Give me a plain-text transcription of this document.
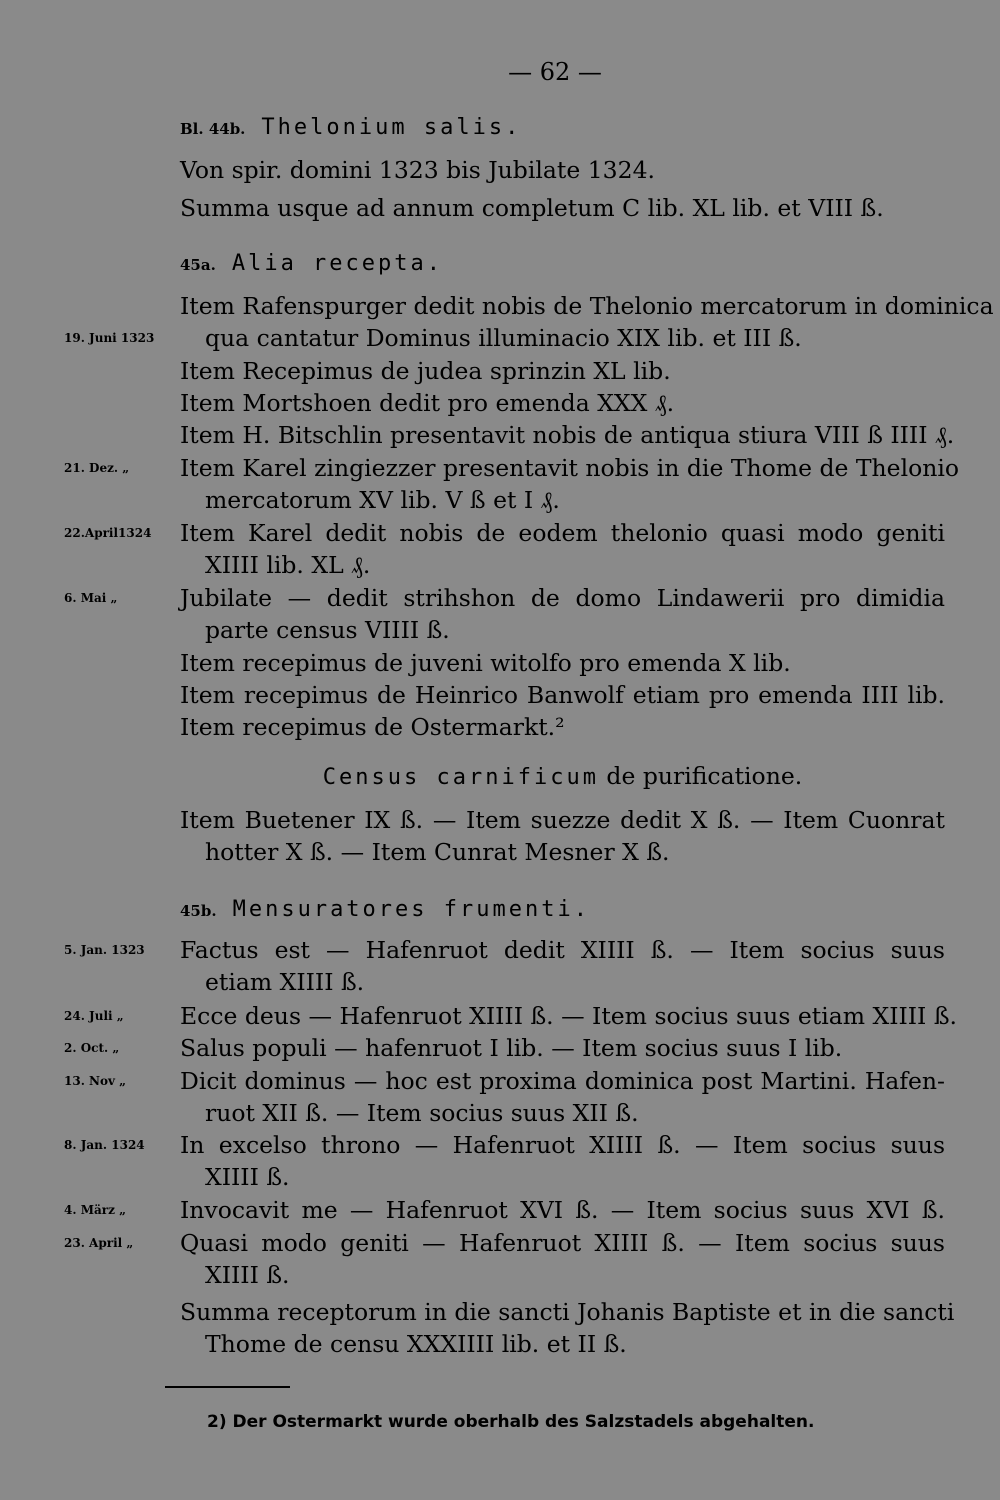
— 62 —
Bl. 44b. Thelonium salis.
Von spir. domini 1323 bis Jubilate 1324.
Summa usque ad annum completum C lib. XL lib. et VIII ß.
45a. Alia recepta.
Item Rafenspurger dedit nobis de Thelonio mercatorum in dominica
19. Juni 1323	qua cantatur Dominus illuminacio XIX lib. et III ß.
Item Recepimus de judea sprinzin XL lib.
Item Mortshoen dedit pro emenda XXX ₰.
Item H. Bitschlin presentavit nobis de antiqua stiura VIII ß IIII ₰.
21. Dez. „	Item Karel zingiezzer presentavit nobis in die Thome de Thelonio
mercatorum XV lib. V ß et I ₰.
22.April1324	Item Karel dedit nobis de eodem thelonio quasi modo geniti
XIIII lib. XL ₰.
6. Mai „	Jubilate — dedit strihshon de domo Lindawerii pro dimidia
parte census VIIII ß.
Item recepimus de juveni witolfo pro emenda X lib.
Item recepimus de Heinrico Banwolf etiam pro emenda IIII lib.
Item recepimus de Ostermarkt.²
Census carnificum de purificatione.
Item Buetener IX ß. — Item suezze dedit X ß. — Item Cuonrat
hotter X ß. — Item Cunrat Mesner X ß.
45b. Mensuratores frumenti.
5. Jan. 1323	Factus est — Hafenruot dedit XIIII ß. — Item socius suus
etiam XIIII ß.
24. Juli „	Ecce deus — Hafenruot XIIII ß. — Item socius suus etiam XIIII ß.
2. Oct. „	Salus populi — hafenruot I lib. — Item socius suus I lib.
13. Nov „	Dicit dominus — hoc est proxima dominica post Martini. Hafen-
ruot XII ß. — Item socius suus XII ß.
8. Jan. 1324	In excelso throno — Hafenruot XIIII ß. — Item socius suus
XIIII ß.
4. März „	Invocavit me — Hafenruot XVI ß. — Item socius suus XVI ß.
23. April „	Quasi modo geniti — Hafenruot XIIII ß. — Item socius suus
XIIII ß.
Summa receptorum in die sancti Johanis Baptiste et in die sancti
Thome de censu XXXIIII lib. et II ß.
2) Der Ostermarkt wurde oberhalb des Salzstadels abgehalten.
